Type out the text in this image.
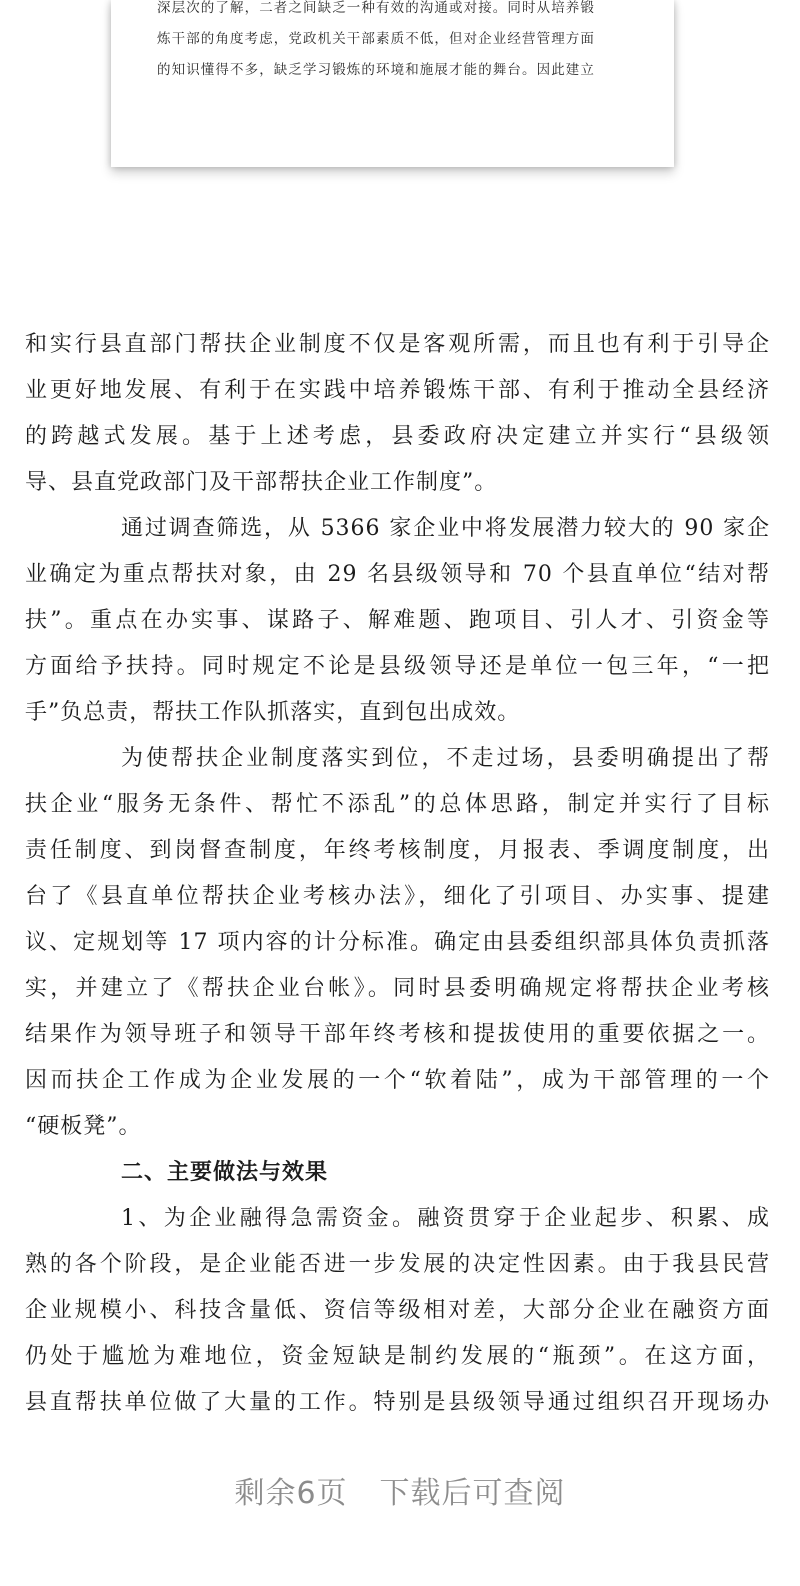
深层次的了解，二者之间缺乏一种有效的沟通或对接。同时从培养锻
炼干部的角度考虑，党政机关干部素质不低，但对企业经营管理方面
的知识懂得不多，缺乏学习锻炼的环境和施展才能的舞台。因此建立
和实行县直部门帮扶企业制度不仅是客观所需，而且也有利于引导企
业更好地发展、有利于在实践中培养锻炼干部、有利于推动全县经济
的跨越式发展。基于上述考虑，县委政府决定建立并实行“县级领
导、县直党政部门及干部帮扶企业工作制度”。
通过调查筛选，从 5366 家企业中将发展潜力较大的 90 家企
业确定为重点帮扶对象，由 29 名县级领导和 70 个县直单位“结对帮
扶”。重点在办实事、谋路子、解难题、跑项目、引人才、引资金等
方面给予扶持。同时规定不论是县级领导还是单位一包三年，“一把
手”负总责，帮扶工作队抓落实，直到包出成效。
为使帮扶企业制度落实到位，不走过场，县委明确提出了帮
扶企业“服务无条件、帮忙不添乱”的总体思路，制定并实行了目标
责任制度、到岗督查制度，年终考核制度，月报表、季调度制度，出
台了《县直单位帮扶企业考核办法》，细化了引项目、办实事、提建
议、定规划等 17 项内容的计分标准。确定由县委组织部具体负责抓落
实，并建立了《帮扶企业台帐》。同时县委明确规定将帮扶企业考核
结果作为领导班子和领导干部年终考核和提拔使用的重要依据之一。
因而扶企工作成为企业发展的一个“软着陆”，成为干部管理的一个
“硬板凳”。
二、主要做法与效果
1、为企业融得急需资金。融资贯穿于企业起步、积累、成
熟的各个阶段，是企业能否进一步发展的决定性因素。由于我县民营
企业规模小、科技含量低、资信等级相对差，大部分企业在融资方面
仍处于尴尬为难地位，资金短缺是制约发展的“瓶颈”。在这方面，
县直帮扶单位做了大量的工作。特别是县级领导通过组织召开现场办
剩余6页 下载后可查阅
